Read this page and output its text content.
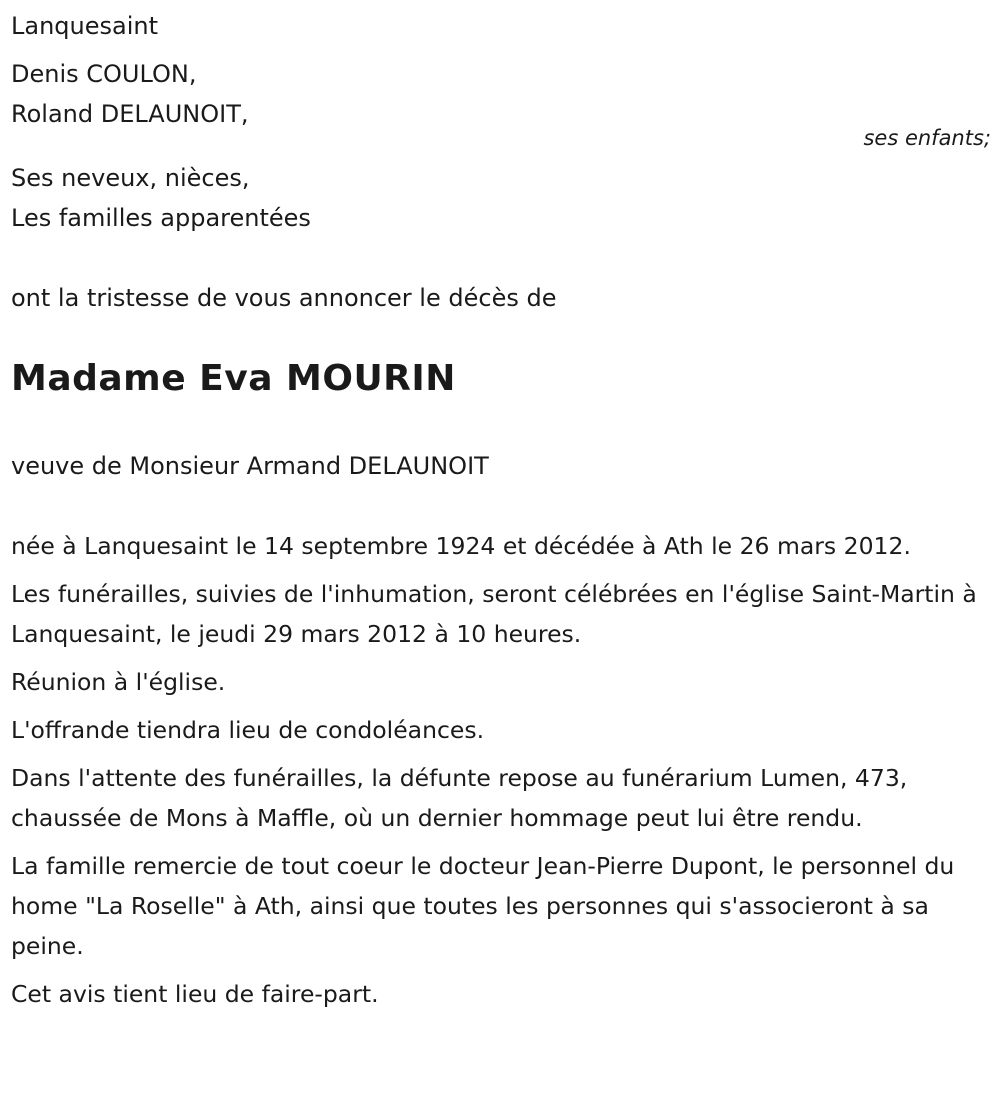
Lanquesaint
Denis COULON,
Roland DELAUNOIT,
ses enfants;
Ses neveux, nièces,
Les familles apparentées
ont la tristesse de vous annoncer le décès de
Madame Eva MOURIN
veuve de Monsieur Armand DELAUNOIT

née à Lanquesaint le 14 septembre 1924 et décédée à Ath le 26 mars 2012.

Les funérailles, suivies de l'inhumation, seront célébrées en l'église Saint-Martin à Lanquesaint, le jeudi 29 mars 2012 à 10 heures.

Réunion à l'église.

L'offrande tiendra lieu de condoléances.

Dans l'attente des funérailles, la défunte repose au funérarium Lumen, 473, chaussée de Mons à Maffle, où un dernier hommage peut lui être rendu.

La famille remercie de tout coeur le docteur Jean-Pierre Dupont, le personnel du home "La Roselle" à Ath, ainsi que toutes les personnes qui s'associeront à sa peine.

Cet avis tient lieu de faire-part.
